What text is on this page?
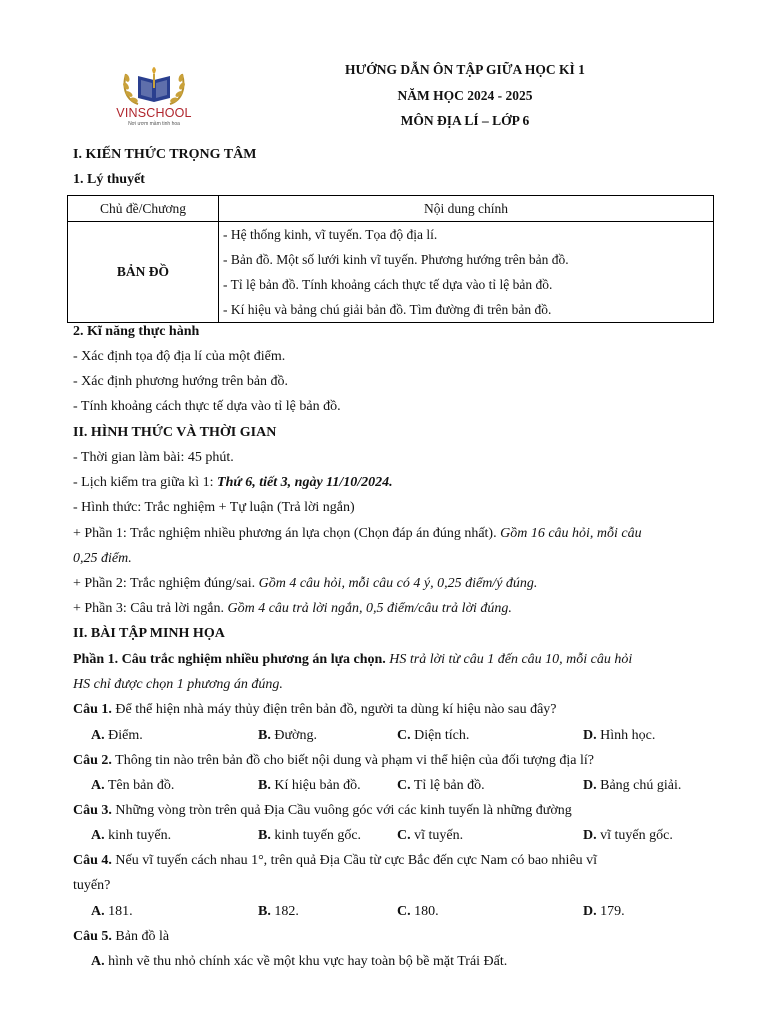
VINSCHOOL
Nơi ươm mầm tinh hoa
HƯỚNG DẪN ÔN TẬP GIỮA HỌC KÌ 1
NĂM HỌC 2024 - 2025
MÔN ĐỊA LÍ – LỚP 6
I. KIẾN THỨC TRỌNG TÂM
1. Lý thuyết
Chủ đề/Chương	Nội dung chính
BẢN ĐỒ	- Hệ thống kinh, vĩ tuyến. Tọa độ địa lí.
- Bản đồ. Một số lưới kinh vĩ tuyến. Phương hướng trên bản đồ.
- Tỉ lệ bản đồ. Tính khoảng cách thực tế dựa vào tỉ lệ bản đồ.
- Kí hiệu và bảng chú giải bản đồ. Tìm đường đi trên bản đồ.
2. Kĩ năng thực hành
- Xác định tọa độ địa lí của một điểm.
- Xác định phương hướng trên bản đồ.
- Tính khoảng cách thực tế dựa vào tỉ lệ bản đồ.
II. HÌNH THỨC VÀ THỜI GIAN
- Thời gian làm bài: 45 phút.
- Lịch kiểm tra giữa kì 1: Thứ 6, tiết 3, ngày 11/10/2024.
- Hình thức: Trắc nghiệm + Tự luận (Trả lời ngắn)
+ Phần 1: Trắc nghiệm nhiều phương án lựa chọn (Chọn đáp án đúng nhất). Gồm 16 câu hỏi, mỗi câu
0,25 điểm.
+ Phần 2: Trắc nghiệm đúng/sai. Gồm 4 câu hỏi, mỗi câu có 4 ý, 0,25 điểm/ý đúng.
+ Phần 3: Câu trả lời ngắn. Gồm 4 câu trả lời ngắn, 0,5 điểm/câu trả lời đúng.
II. BÀI TẬP MINH HỌA
Phần 1. Câu trắc nghiệm nhiều phương án lựa chọn. HS trả lời từ câu 1 đến câu 10, mỗi câu hỏi
HS chỉ được chọn 1 phương án đúng.
Câu 1. Để thể hiện nhà máy thủy điện trên bản đồ, người ta dùng kí hiệu nào sau đây?
A. Điểm.	B. Đường.	C. Diện tích.	D. Hình học.
Câu 2. Thông tin nào trên bản đồ cho biết nội dung và phạm vi thể hiện của đối tượng địa lí?
A. Tên bản đồ.	B. Kí hiệu bản đồ.	C. Tỉ lệ bản đồ.	D. Bảng chú giải.
Câu 3. Những vòng tròn trên quả Địa Cầu vuông góc với các kinh tuyến là những đường
A. kinh tuyến.	B. kinh tuyến gốc.	C. vĩ tuyến.	D. vĩ tuyến gốc.
Câu 4. Nếu vĩ tuyến cách nhau 1°, trên quả Địa Cầu từ cực Bắc đến cực Nam có bao nhiêu vĩ
tuyến?
A. 181.	B. 182.	C. 180.	D. 179.
Câu 5. Bản đồ là
A. hình vẽ thu nhỏ chính xác về một khu vực hay toàn bộ bề mặt Trái Đất.
